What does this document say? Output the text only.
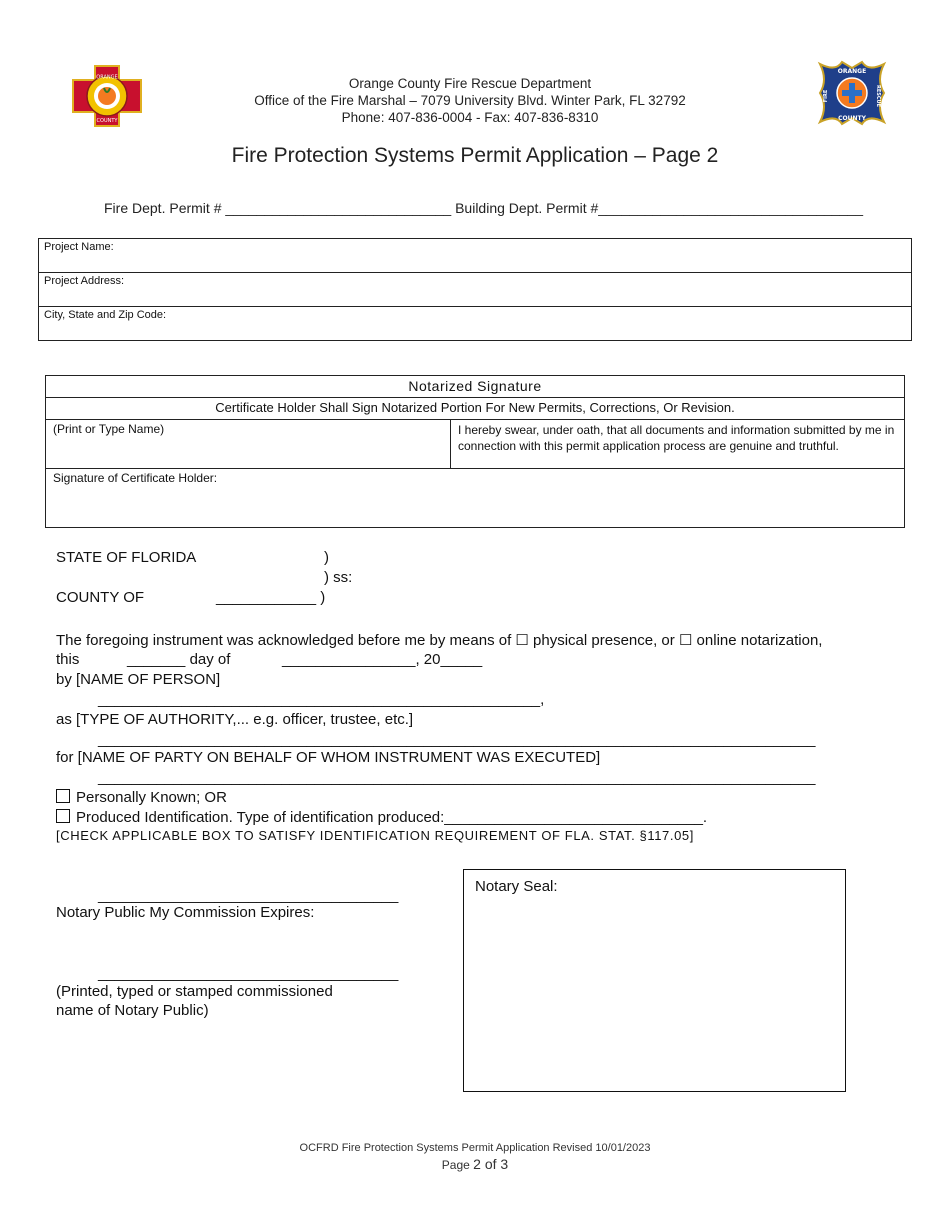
ORANGE
COUNTY
ORANGE
COUNTY
FIRE	RESCUE
Orange County Fire Rescue Department
Office of the Fire Marshal – 7079 University Blvd. Winter Park, FL 32792
Phone: 407-836-0004 - Fax: 407-836-8310
Fire Protection Systems Permit Application – Page 2
Fire Dept. Permit # _____________________________ Building Dept. Permit #__________________________________
Project Name:
Project Address:
City, State and Zip Code:
Notarized Signature
Certificate Holder Shall Sign Notarized Portion For New Permits, Corrections, Or Revision.
(Print or Type Name)	I hereby swear, under oath, that all documents and information submitted by me in connection with this permit application process are genuine and truthful.
Signature of Certificate Holder:
STATE OF FLORIDA	)
) ss:
COUNTY OF	____________ )
The foregoing instrument was acknowledged before me by means of ☐ physical presence, or ☐ online notarization,
this	_______ day of	________________, 20_____
by [NAME OF PERSON]
_____________________________________________________,
as [TYPE OF AUTHORITY,... e.g. officer, trustee, etc.]
______________________________________________________________________________________
for [NAME OF PARTY ON BEHALF OF WHOM INSTRUMENT WAS EXECUTED]
______________________________________________________________________________________
Personally Known; OR
Produced Identification. Type of identification produced:_______________________________.
[CHECK APPLICABLE BOX TO SATISFY IDENTIFICATION REQUIREMENT OF FLA. STAT. §117.05]
____________________________________
Notary Public My Commission Expires:
____________________________________
(Printed, typed or stamped commissioned
name of Notary Public)
Notary Seal:
OCFRD Fire Protection Systems Permit Application Revised 10/01/2023
Page 2 of 3
